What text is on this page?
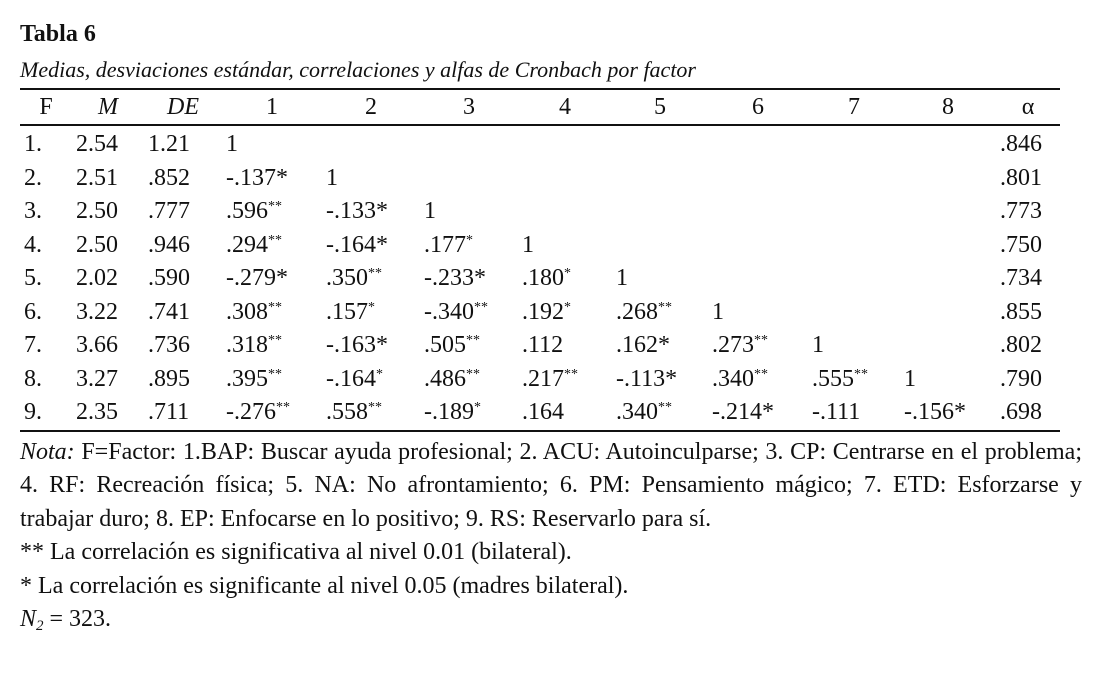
Tabla 6

Medias, desviaciones estándar, correlaciones y alfas de Cronbach por factor

F	M	DE	1	2	3	4	5	6	7	8	α
1.	2.54	1.21	1								.846
2.	2.51	.852	-.137*	1							.801
3.	2.50	.777	.596**	-.133*	1						.773
4.	2.50	.946	.294**	-.164*	.177*	1					.750
5.	2.02	.590	-.279*	.350**	-.233*	.180*	1				.734
6.	3.22	.741	.308**	.157*	-.340**	.192*	.268**	1			.855
7.	3.66	.736	.318**	-.163*	.505**	.112	.162*	.273**	1		.802
8.	3.27	.895	.395**	-.164*	.486**	.217**	-.113*	.340**	.555**	1	.790
9.	2.35	.711	-.276**	.558**	-.189*	.164	.340**	-.214*	-.111	-.156*	.698

Nota: F=Factor: 1.BAP: Buscar ayuda profesional; 2. ACU: Autoinculparse; 3. CP: Centrarse en el problema; 4. RF: Recreación física; 5. NA: No afrontamiento; 6. PM: Pensamiento mágico; 7. ETD: Esforzarse y trabajar duro; 8. EP: Enfocarse en lo positivo; 9. RS: Reservarlo para sí.

** La correlación es significativa al nivel 0.01 (bilateral).

* La correlación es significante al nivel 0.05 (madres bilateral).

N2 = 323.
